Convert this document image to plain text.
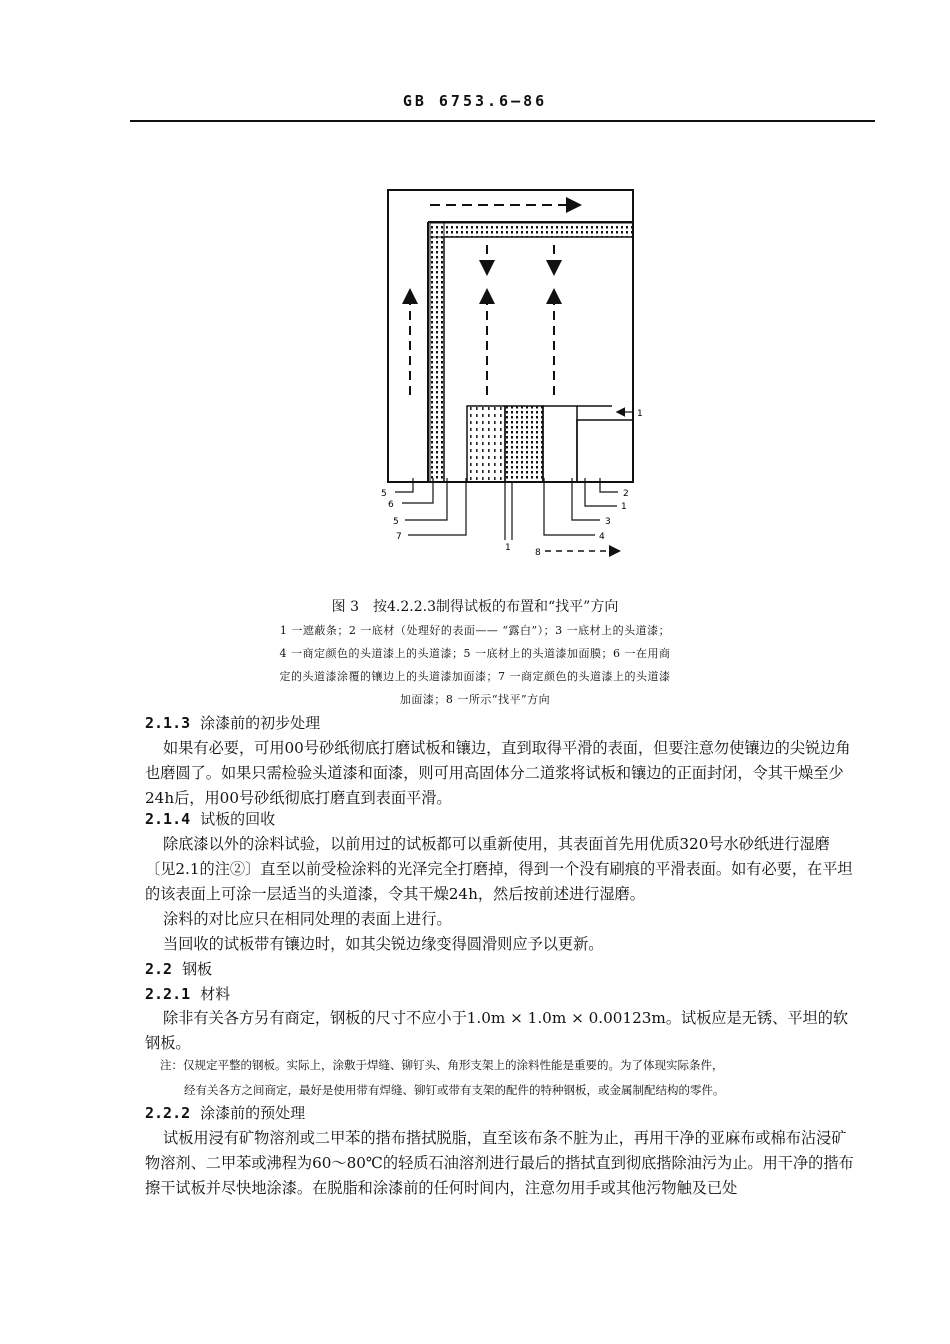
GB 6753.6—86
1
5
6
5
7
1	8
2
1
3
4
图 3　按4.2.2.3制得试板的布置和“找平”方向
1 一遮蔽条；2 一底材（处理好的表面—— “露白”）；3 一底材上的头道漆；
4 一商定颜色的头道漆上的头道漆；5 一底材上的头道漆加面膜；6 一在用商
定的头道漆涂覆的镶边上的头道漆加面漆；7 一商定颜色的头道漆上的头道漆
加面漆；8 一所示“找平”方向
2.1.3 涂漆前的初步处理

如果有必要，可用00号砂纸彻底打磨试板和镶边，直到取得平滑的表面，但要注意勿使镶边的尖锐边角也磨圆了。如果只需检验头道漆和面漆，则可用高固体分二道浆将试板和镶边的正面封闭，令其干燥至少24h后，用00号砂纸彻底打磨直到表面平滑。

2.1.4 试板的回收

除底漆以外的涂料试验，以前用过的试板都可以重新使用，其表面首先用优质320号水砂纸进行湿磨〔见2.1的注②〕直至以前受检涂料的光泽完全打磨掉，得到一个没有刷痕的平滑表面。如有必要，在平坦的该表面上可涂一层适当的头道漆，令其干燥24h，然后按前述进行湿磨。

涂料的对比应只在相同处理的表面上进行。

当回收的试板带有镶边时，如其尖锐边缘变得圆滑则应予以更新。

2.2 钢板
2.2.1 材料

除非有关各方另有商定，钢板的尺寸不应小于1.0m × 1.0m × 0.00123m。试板应是无锈、平坦的软钢板。

注：仅规定平整的钢板。实际上，涂敷于焊缝、铆钉头、角形支架上的涂料性能是重要的。为了体现实际条件，
经有关各方之间商定，最好是使用带有焊缝、铆钉或带有支架的配件的特种钢板，或金属制配结构的零件。

2.2.2 涂漆前的预处理

试板用浸有矿物溶剂或二甲苯的揩布揩拭脱脂，直至该布条不脏为止，再用干净的亚麻布或棉布沾浸矿物溶剂、二甲苯或沸程为60～80℃的轻质石油溶剂进行最后的揩拭直到彻底揩除油污为止。用干净的揩布擦干试板并尽快地涂漆。在脱脂和涂漆前的任何时间内，注意勿用手或其他污物触及已处
